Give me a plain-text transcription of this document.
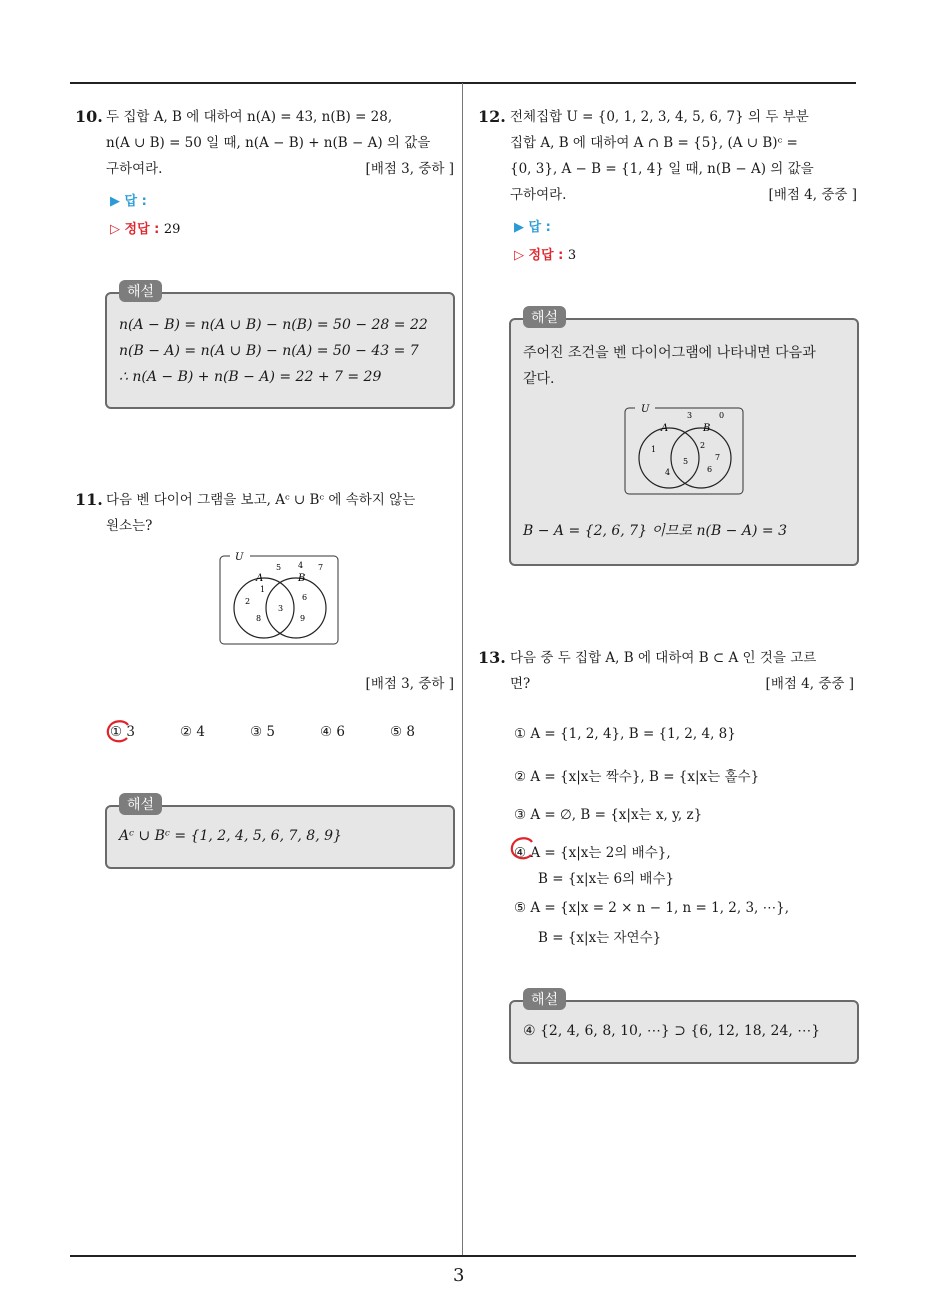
3
10. 두 집합 A, B 에 대하여 n(A) = 43, n(B) = 28,
n(A ∪ B) = 50 일 때, n(A − B) + n(B − A) 의 값을
구하여라.	[배점 3, 중하 ]
▶ 답 :
▷ 정답 : 29
해설
n(A − B) = n(A ∪ B) − n(B) = 50 − 28 = 22
n(B − A) = n(A ∪ B) − n(A) = 50 − 43 = 7
∴ n(A − B) + n(B − A) = 22 + 7 = 29
11. 다음 벤 다이어 그램을 보고, Aᶜ ∪ Bᶜ 에 속하지 않는
원소는?
U
A	B
5 4 7
1
2
8
3
6
9
[배점 3, 중하 ]
① 3	② 4	③ 5	④ 6	⑤ 8
해설
Aᶜ ∪ Bᶜ = {1, 2, 4, 5, 6, 7, 8, 9}
12. 전체집합 U = {0, 1, 2, 3, 4, 5, 6, 7} 의 두 부분
집합 A, B 에 대하여 A ∩ B = {5}, (A ∪ B)ᶜ =
{0, 3}, A − B = {1, 4} 일 때, n(B − A) 의 값을
구하여라.	[배점 4, 중중 ]
▶ 답 :
▷ 정답 : 3
해설
주어진 조건을 벤 다이어그램에 나타내면 다음과
같다.
U
A	B
3	0
1
4
5
2
7
6
B − A = {2, 6, 7} 이므로 n(B − A) = 3
13. 다음 중 두 집합 A, B 에 대하여 B ⊂ A 인 것을 고르
면?	[배점 4, 중중 ]
① A = {1, 2, 4}, B = {1, 2, 4, 8}
② A = {x|x는 짝수}, B = {x|x는 홀수}
③ A = ∅, B = {x|x는 x, y, z}
④ A = {x|x는 2의 배수},
B = {x|x는 6의 배수}
⑤ A = {x|x = 2 × n − 1, n = 1, 2, 3, ⋯},
B = {x|x는 자연수}
해설
④ {2, 4, 6, 8, 10, ⋯} ⊃ {6, 12, 18, 24, ⋯}
